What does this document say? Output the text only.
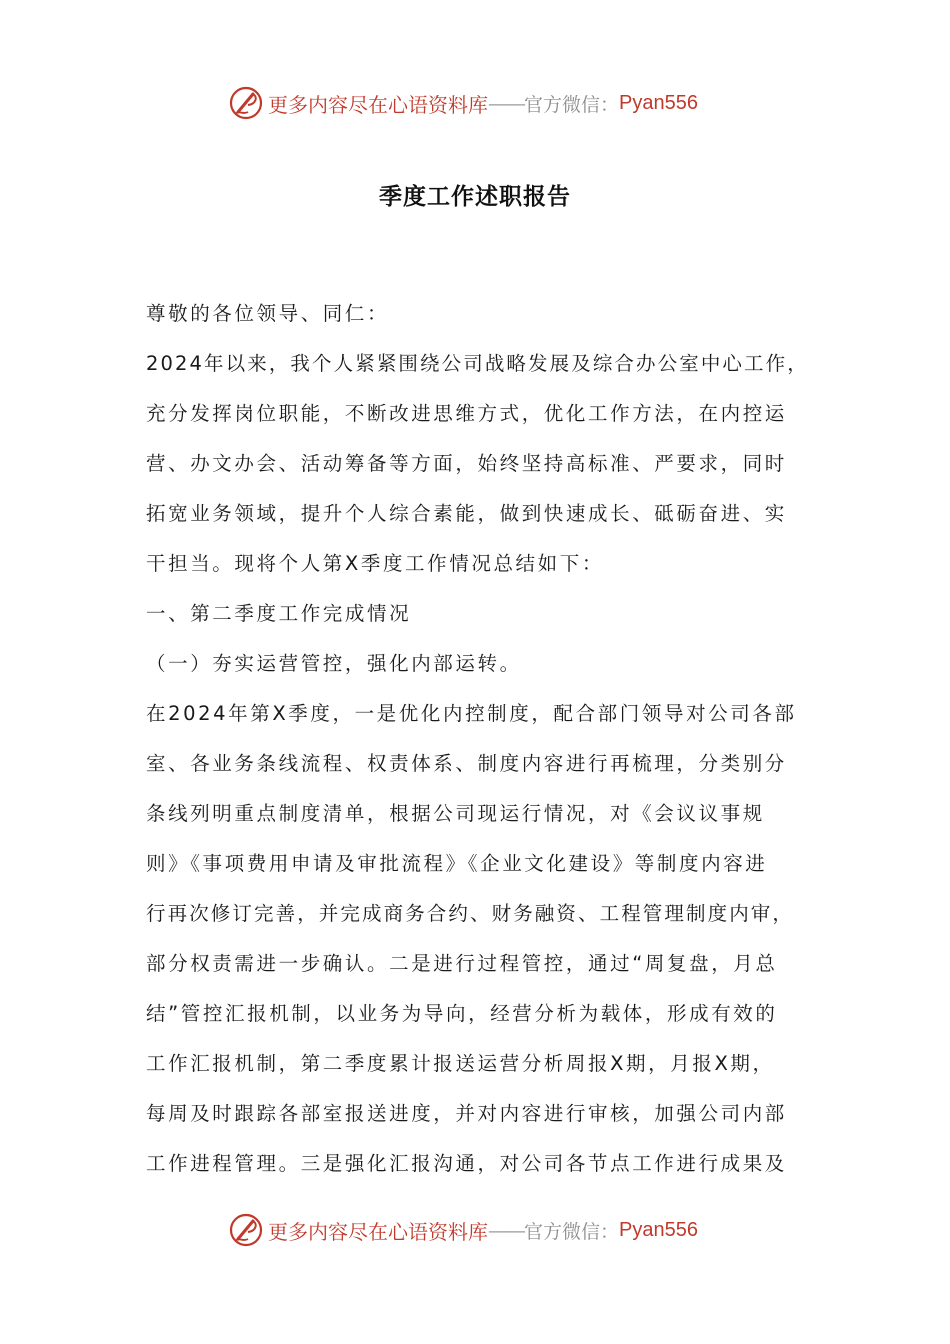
更多内容尽在心语资料库 —— 官方微信： Pyan556
季度工作述职报告
尊敬的各位领导、同仁：
2024年以来，我个人紧紧围绕公司战略发展及综合办公室中心工作，
充分发挥岗位职能，不断改进思维方式，优化工作方法，在内控运
营、办文办会、活动筹备等方面，始终坚持高标准、严要求，同时
拓宽业务领域，提升个人综合素能，做到快速成长、砥砺奋进、实
干担当。现将个人第X季度工作情况总结如下：
一、第二季度工作完成情况
（一）夯实运营管控，强化内部运转。
在2024年第X季度，一是优化内控制度，配合部门领导对公司各部
室、各业务条线流程、权责体系、制度内容进行再梳理，分类别分
条线列明重点制度清单，根据公司现运行情况，对《会议议事规
则》《事项费用申请及审批流程》《企业文化建设》等制度内容进
行再次修订完善，并完成商务合约、财务融资、工程管理制度内审，
部分权责需进一步确认。二是进行过程管控，通过“周复盘，月总
结”管控汇报机制，以业务为导向，经营分析为载体，形成有效的
工作汇报机制，第二季度累计报送运营分析周报X期，月报X期，
每周及时跟踪各部室报送进度，并对内容进行审核，加强公司内部
工作进程管理。三是强化汇报沟通，对公司各节点工作进行成果及
更多内容尽在心语资料库 —— 官方微信： Pyan556
